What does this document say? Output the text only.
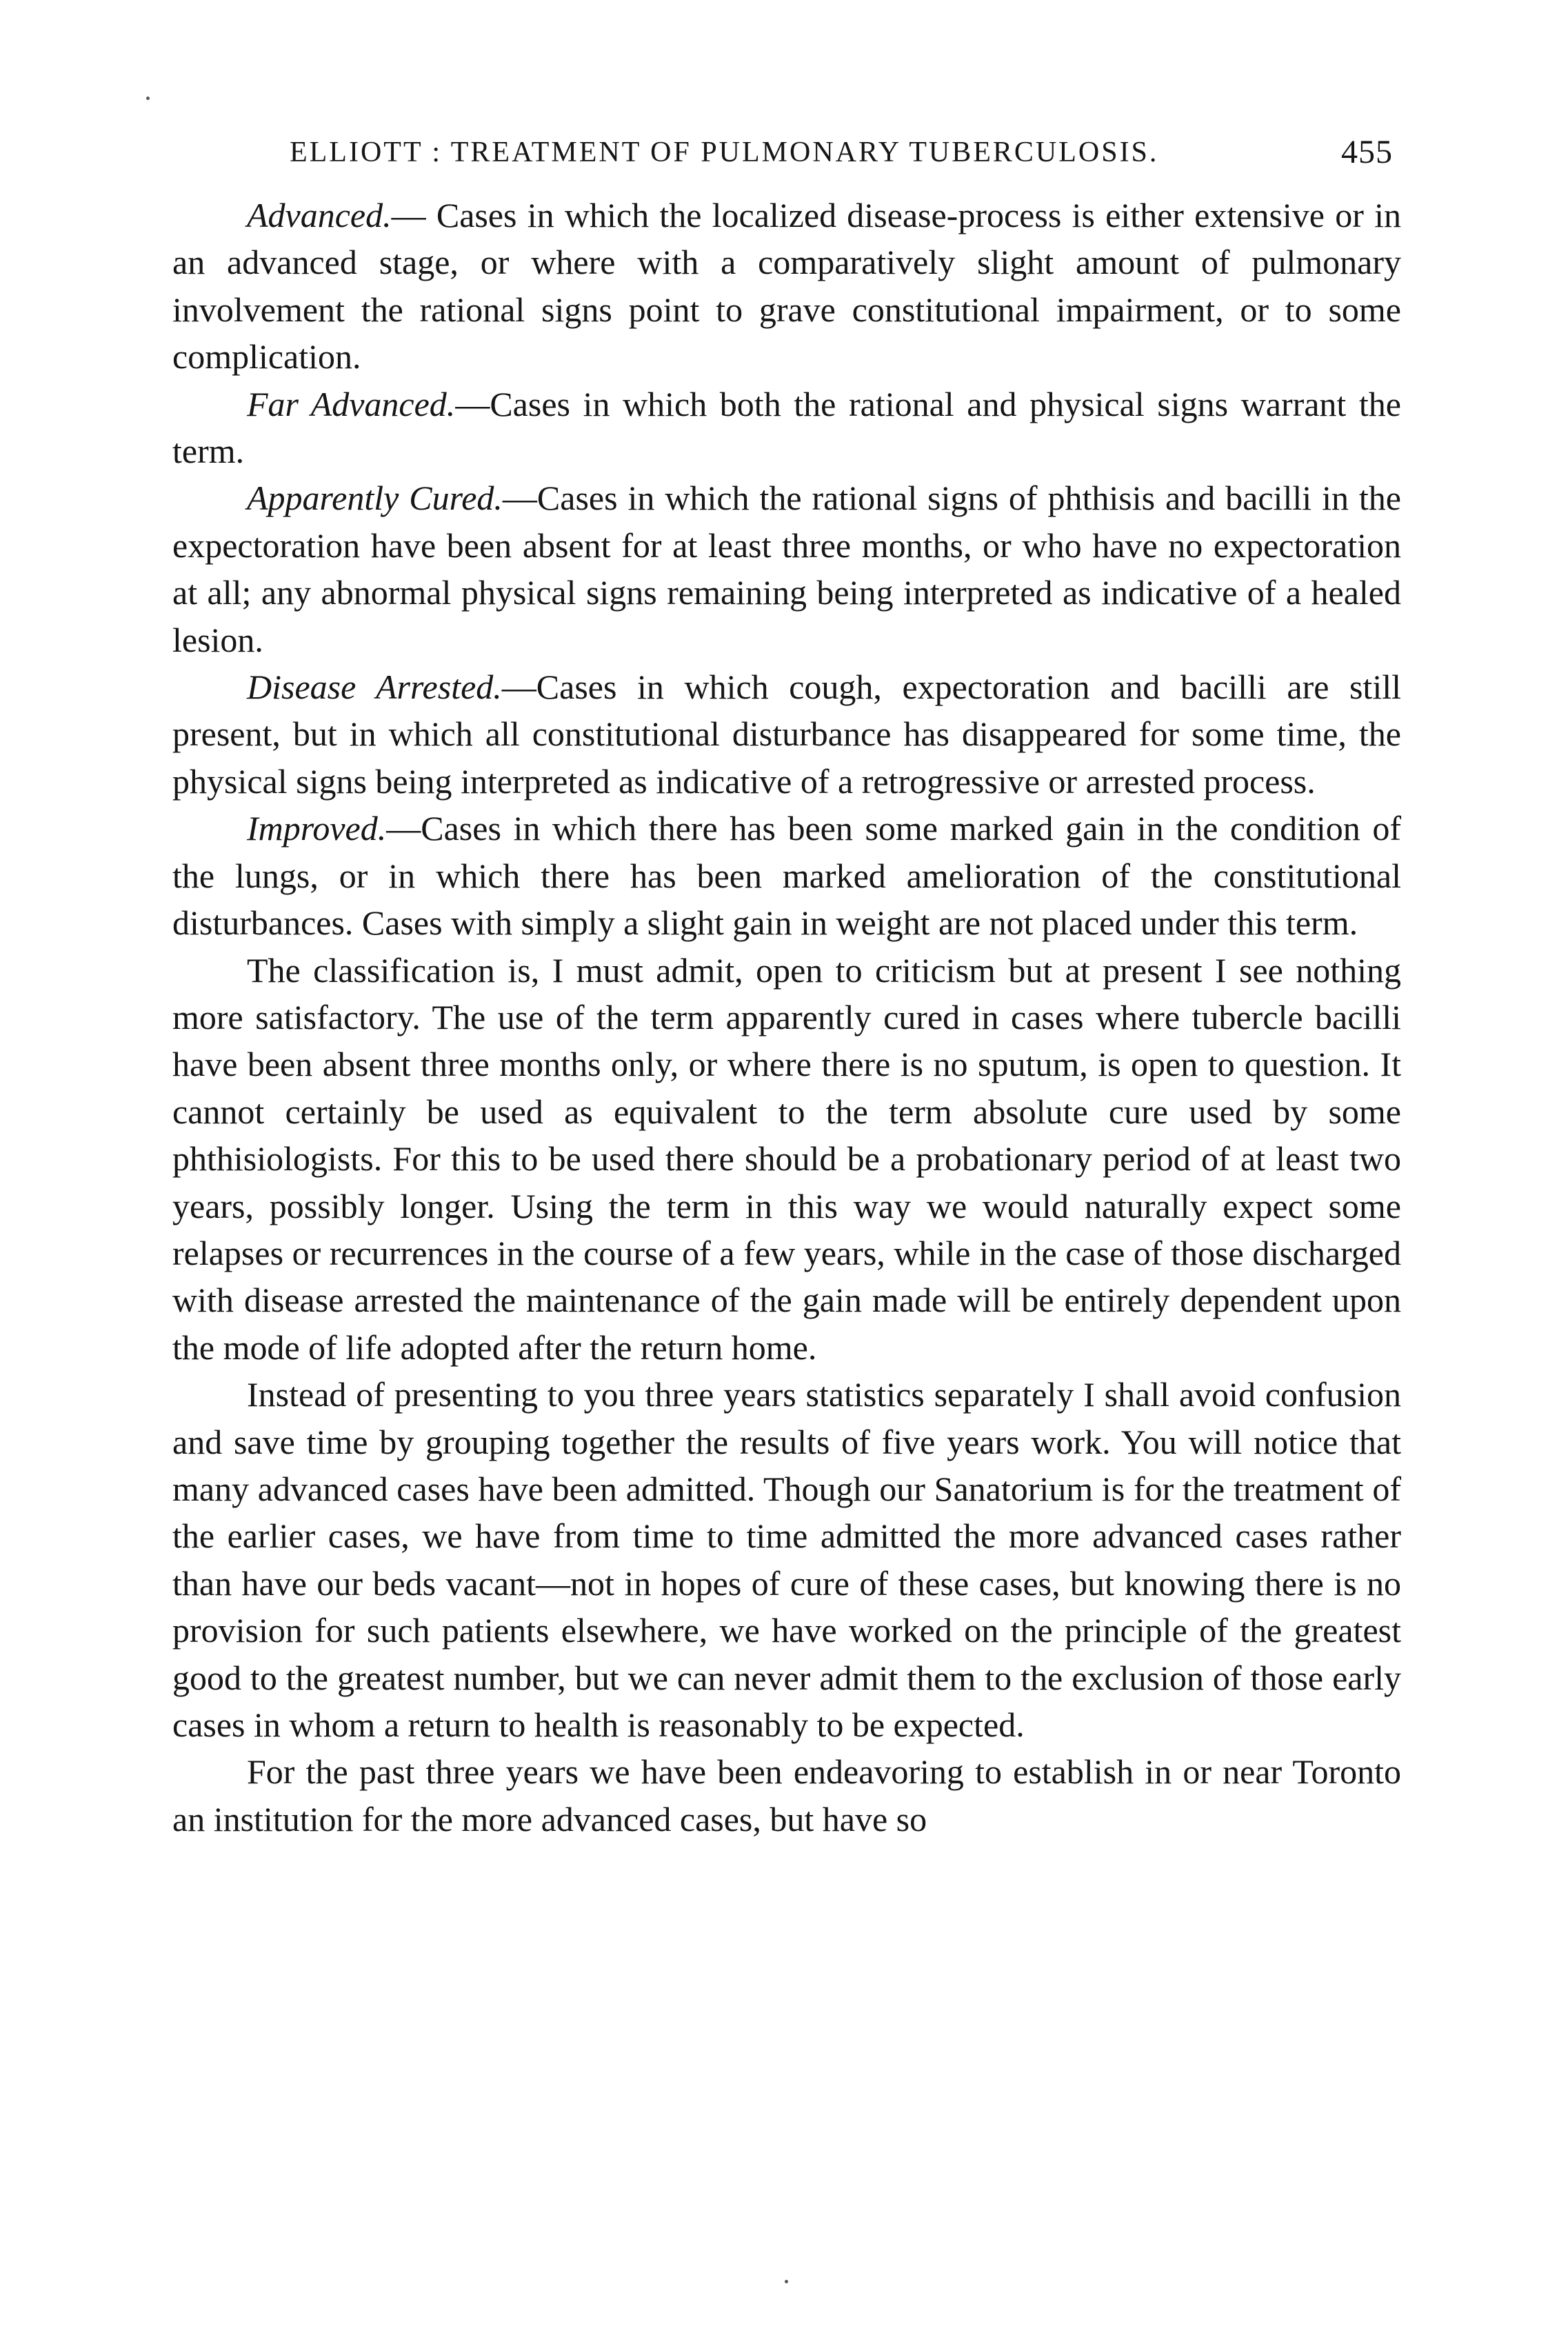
ELLIOTT : TREATMENT OF PULMONARY TUBERCULOSIS.	455

Advanced.— Cases in which the localized disease-process is either extensive or in an advanced stage, or where with a comparatively slight amount of pulmonary involvement the rational signs point to grave constitutional impairment, or to some complication.

Far Advanced.—Cases in which both the rational and physical signs warrant the term.

Apparently Cured.—Cases in which the rational signs of phthisis and bacilli in the expectoration have been absent for at least three months, or who have no expectoration at all; any abnormal physical signs remaining being interpreted as indicative of a healed lesion.

Disease Arrested.—Cases in which cough, expectoration and bacilli are still present, but in which all constitutional disturbance has disappeared for some time, the physical signs being interpreted as indicative of a retrogressive or arrested process.

Improved.—Cases in which there has been some marked gain in the condition of the lungs, or in which there has been marked amelioration of the constitutional disturbances. Cases with simply a slight gain in weight are not placed under this term.

The classification is, I must admit, open to criticism but at present I see nothing more satisfactory. The use of the term apparently cured in cases where tubercle bacilli have been absent three months only, or where there is no sputum, is open to question. It cannot certainly be used as equivalent to the term absolute cure used by some phthisiologists. For this to be used there should be a probationary period of at least two years, possibly longer. Using the term in this way we would naturally expect some relapses or recurrences in the course of a few years, while in the case of those discharged with disease arrested the maintenance of the gain made will be entirely dependent upon the mode of life adopted after the return home.

Instead of presenting to you three years statistics separately I shall avoid confusion and save time by grouping together the results of five years work. You will notice that many advanced cases have been admitted. Though our Sanatorium is for the treatment of the earlier cases, we have from time to time admitted the more advanced cases rather than have our beds vacant—not in hopes of cure of these cases, but knowing there is no provision for such patients elsewhere, we have worked on the principle of the greatest good to the greatest number, but we can never admit them to the exclusion of those early cases in whom a return to health is reasonably to be expected.

For the past three years we have been endeavoring to establish in or near Toronto an institution for the more advanced cases, but have so
